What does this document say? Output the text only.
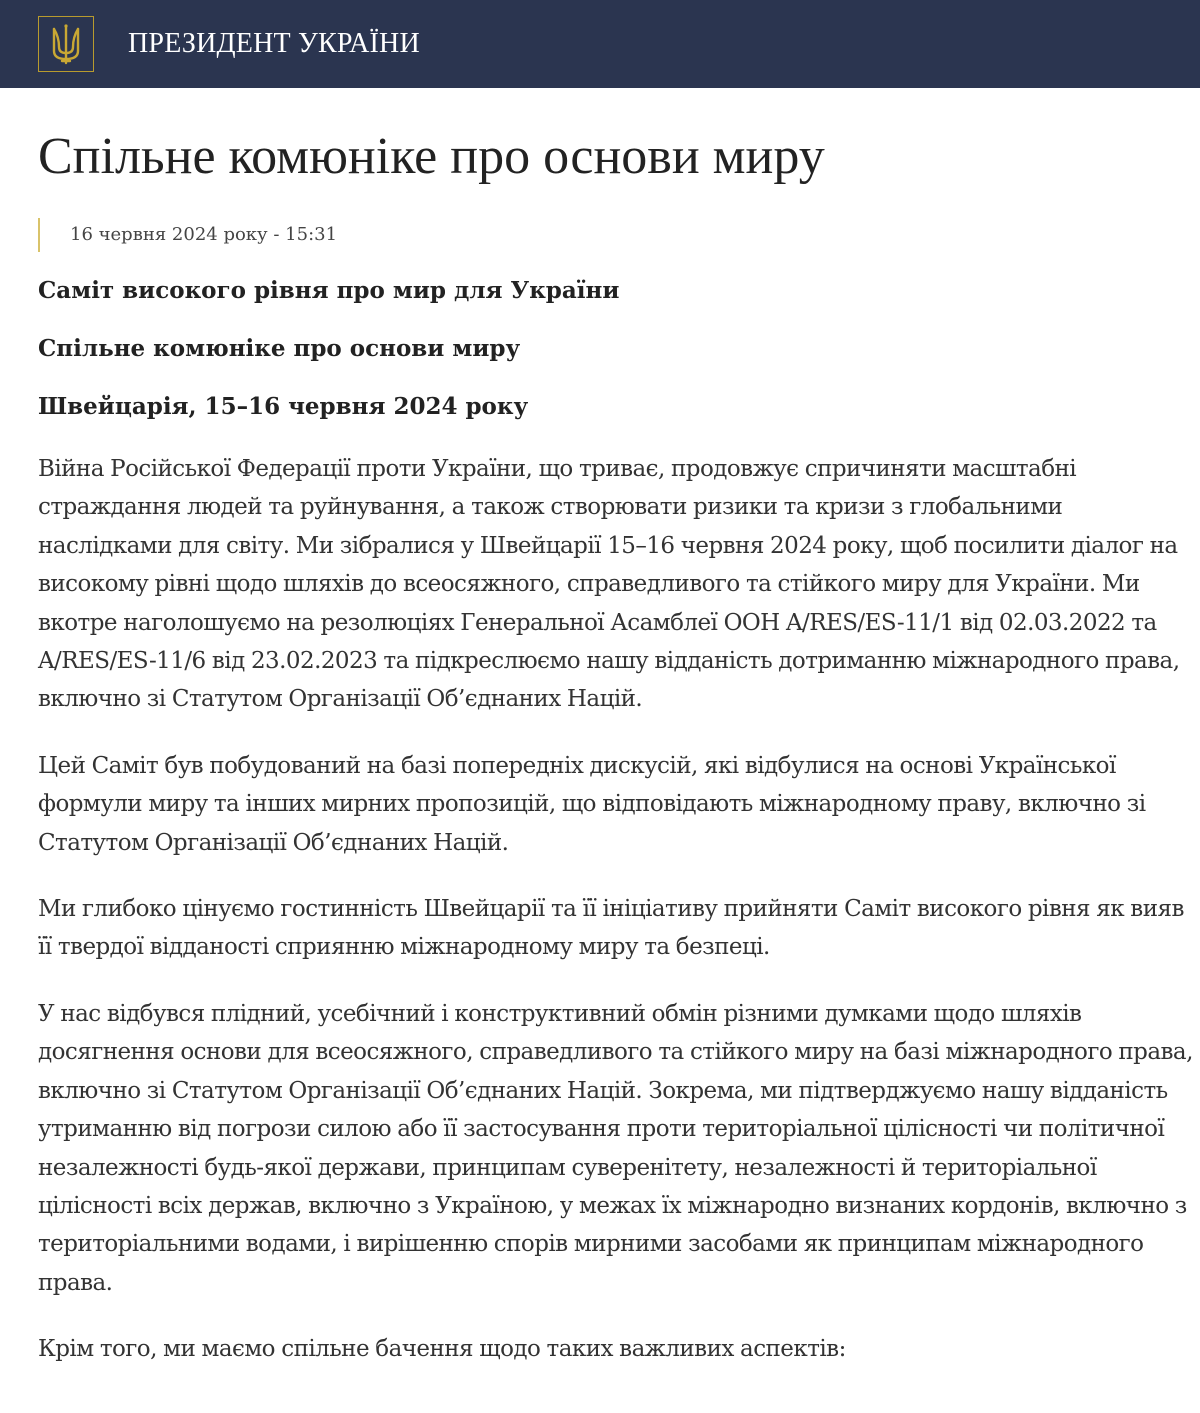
ПРЕЗИДЕНТ УКРАЇНИ
Спільне комюніке про основи миру
16 червня 2024 року - 15:31

Саміт високого рівня про мир для України

Спільне комюніке про основи миру

Швейцарія, 15–16 червня 2024 року

Війна Російської Федерації проти України, що триває, продовжує спричиняти масштабні страждання людей та руйнування, а також створювати ризики та кризи з глобальними наслідками для світу. Ми зібралися у Швейцарії 15–16 червня 2024 року, щоб посилити діалог на високому рівні щодо шляхів до всеосяжного, справедливого та стійкого миру для України. Ми вкотре наголошуємо на резолюціях Генеральної Асамблеї ООН A/RES/ES-11/1 від 02.03.2022 та A/RES/ES-11/6 від 23.02.2023 та підкреслюємо нашу відданість дотриманню міжнародного права, включно зі Статутом Організації Об’єднаних Націй.

Цей Саміт був побудований на базі попередніх дискусій, які відбулися на основі Української формули миру та інших мирних пропозицій, що відповідають міжнародному праву, включно зі Статутом Організації Об’єднаних Націй.

Ми глибоко цінуємо гостинність Швейцарії та її ініціативу прийняти Саміт високого рівня як вияв її твердої відданості сприянню міжнародному миру та безпеці.

У нас відбувся плідний, усебічний і конструктивний обмін різними думками щодо шляхів досягнення основи для всеосяжного, справедливого та стійкого миру на базі міжнародного права, включно зі Статутом Організації Об’єднаних Націй. Зокрема, ми підтверджуємо нашу відданість утриманню від погрози силою або її застосування проти територіальної цілісності чи політичної незалежності будь-якої держави, принципам суверенітету, незалежності й територіальної цілісності всіх держав, включно з Україною, у межах їх міжнародно визнаних кордонів, включно з територіальними водами, і вирішенню спорів мирними засобами як принципам міжнародного права.

Крім того, ми маємо спільне бачення щодо таких важливих аспектів:
